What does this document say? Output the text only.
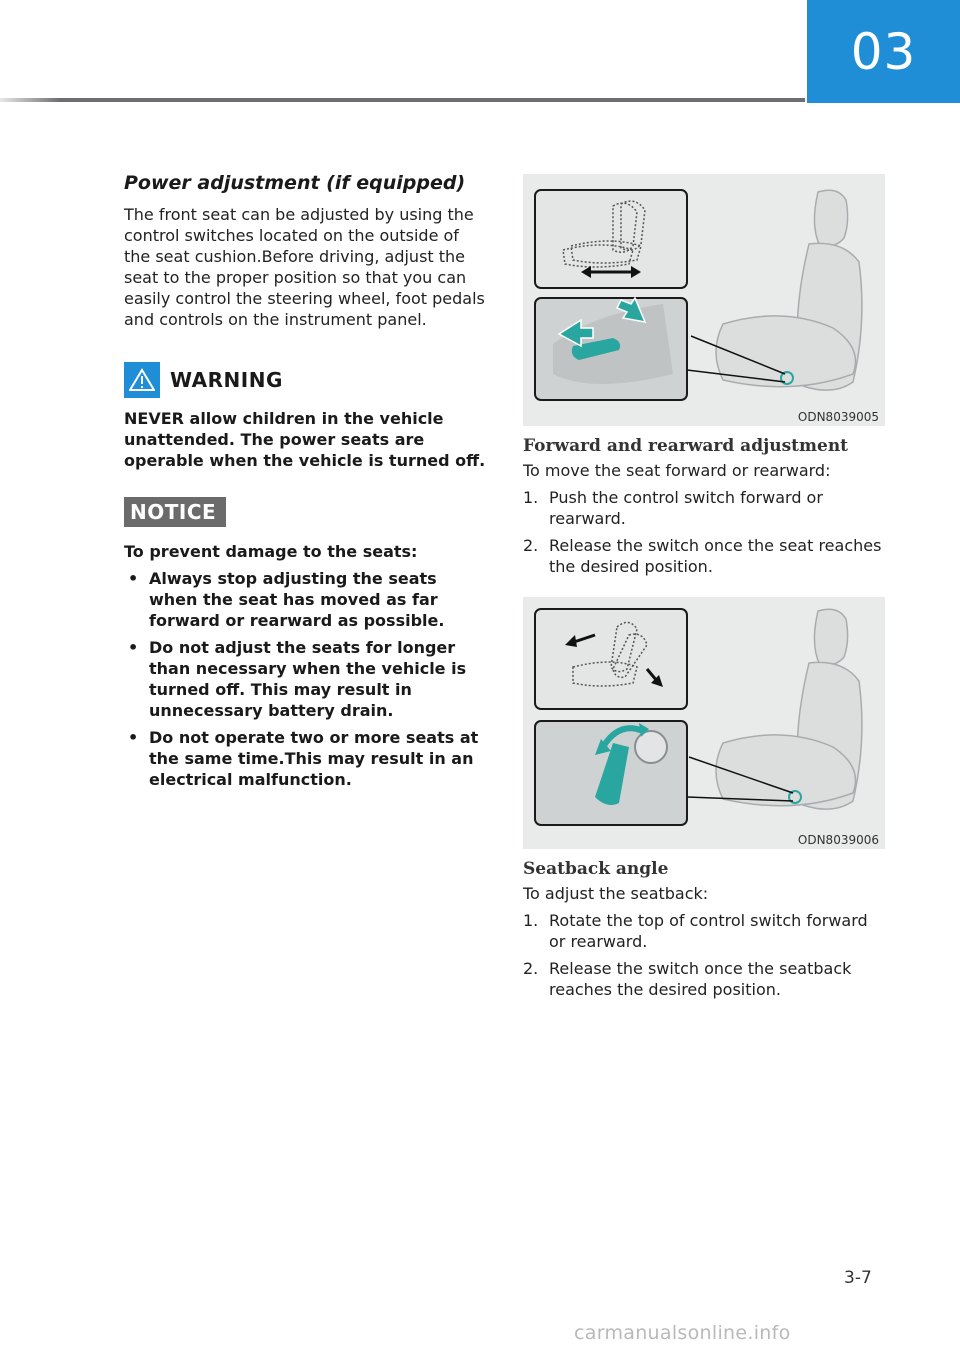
03
Power adjustment (if equipped)

The front seat can be adjusted by using the control switches located on the outside of the seat cushion.Before driving, adjust the seat to the proper position so that you can easily control the steering wheel, foot pedals and controls on the instrument panel.

WARNING
NEVER allow children in the vehicle unattended. The power seats are operable when the vehicle is turned off.
NOTICE
To prevent damage to the seats:
• Always stop adjusting the seats when the seat has moved as far forward or rearward as possible.
• Do not adjust the seats for longer than necessary when the vehicle is turned off. This may result in unnecessary battery drain.
• Do not operate two or more seats at the same time.This may result in an electrical malfunction.
ODN8039005
Forward and rearward adjustment

To move the seat forward or rearward:

1. Push the control switch forward or rearward.
2. Release the switch once the seat reaches the desired position.
ODN8039006
Seatback angle

To adjust the seatback:

1. Rotate the top of control switch forward or rearward.
2. Release the switch once the seatback reaches the desired position.
3-7
carmanualsonline.info
